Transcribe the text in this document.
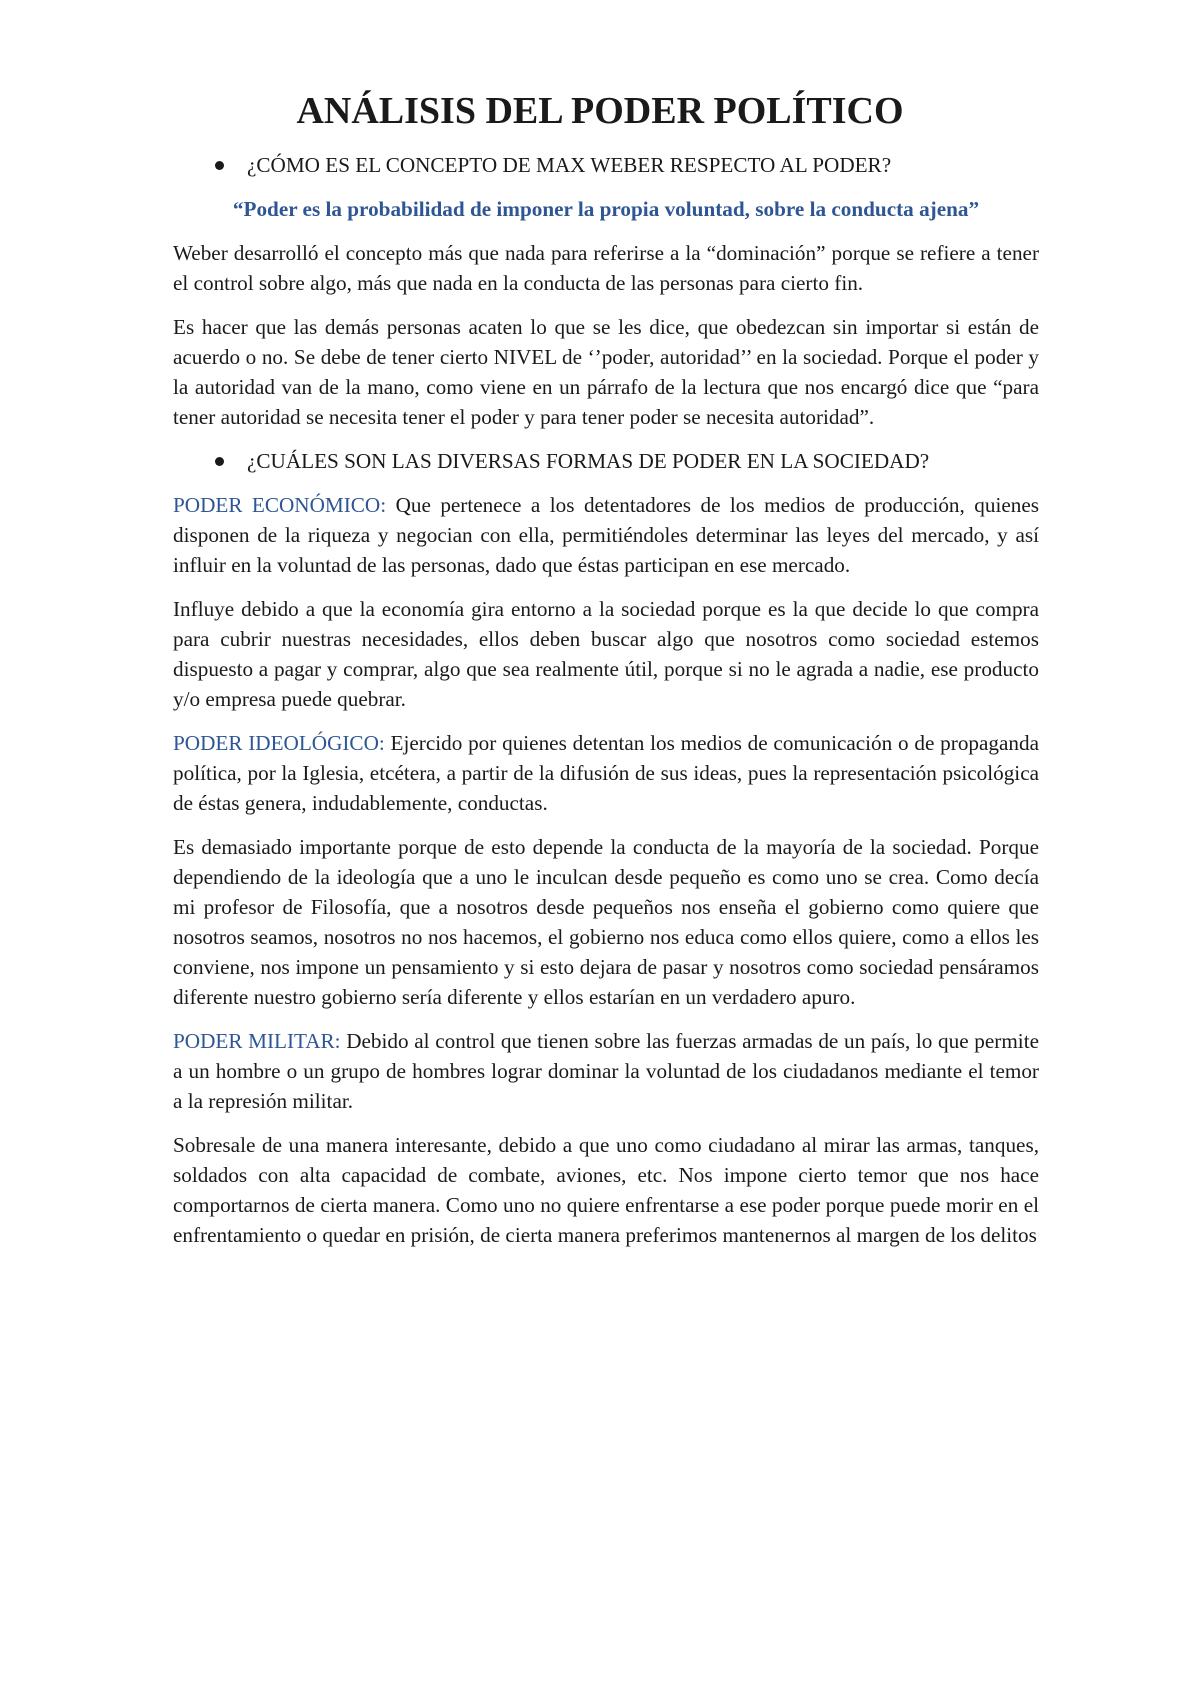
ANÁLISIS DEL PODER POLÍTICO
¿CÓMO ES EL CONCEPTO DE MAX WEBER RESPECTO AL PODER?
“Poder es la probabilidad de imponer la propia voluntad, sobre la conducta ajena”

Weber desarrolló el concepto más que nada para referirse a la “dominación” porque se refiere a tener el control sobre algo, más que nada en la conducta de las personas para cierto fin.

Es hacer que las demás personas acaten lo que se les dice, que obedezcan sin importar si están de acuerdo o no. Se debe de tener cierto NIVEL de ‘’poder, autoridad’’ en la sociedad. Porque el poder y la autoridad van de la mano, como viene en un párrafo de la lectura que nos encargó dice que “para tener autoridad se necesita tener el poder y para tener poder se necesita autoridad”.

¿CUÁLES SON LAS DIVERSAS FORMAS DE PODER EN LA SOCIEDAD?

PODER ECONÓMICO: Que pertenece a los detentadores de los medios de producción, quienes disponen de la riqueza y negocian con ella, permitiéndoles determinar las leyes del mercado, y así influir en la voluntad de las personas, dado que éstas participan en ese mercado.

Influye debido a que la economía gira entorno a la sociedad porque es la que decide lo que compra para cubrir nuestras necesidades, ellos deben buscar algo que nosotros como sociedad estemos dispuesto a pagar y comprar, algo que sea realmente útil, porque si no le agrada a nadie, ese producto y/o empresa puede quebrar.

PODER IDEOLÓGICO: Ejercido por quienes detentan los medios de comunicación o de propaganda política, por la Iglesia, etcétera, a partir de la difusión de sus ideas, pues la representación psicológica de éstas genera, indudablemente, conductas.

Es demasiado importante porque de esto depende la conducta de la mayoría de la sociedad. Porque dependiendo de la ideología que a uno le inculcan desde pequeño es como uno se crea. Como decía mi profesor de Filosofía, que a nosotros desde pequeños nos enseña el gobierno como quiere que nosotros seamos, nosotros no nos hacemos, el gobierno nos educa como ellos quiere, como a ellos les conviene, nos impone un pensamiento y si esto dejara de pasar y nosotros como sociedad pensáramos diferente nuestro gobierno sería diferente y ellos estarían en un verdadero apuro.

PODER MILITAR: Debido al control que tienen sobre las fuerzas armadas de un país, lo que permite a un hombre o un grupo de hombres lograr dominar la voluntad de los ciudadanos mediante el temor a la represión militar.

Sobresale de una manera interesante, debido a que uno como ciudadano al mirar las armas, tanques, soldados con alta capacidad de combate, aviones, etc. Nos impone cierto temor que nos hace comportarnos de cierta manera. Como uno no quiere enfrentarse a ese poder porque puede morir en el enfrentamiento o quedar en prisión, de cierta manera preferimos mantenernos al margen de los delitos
